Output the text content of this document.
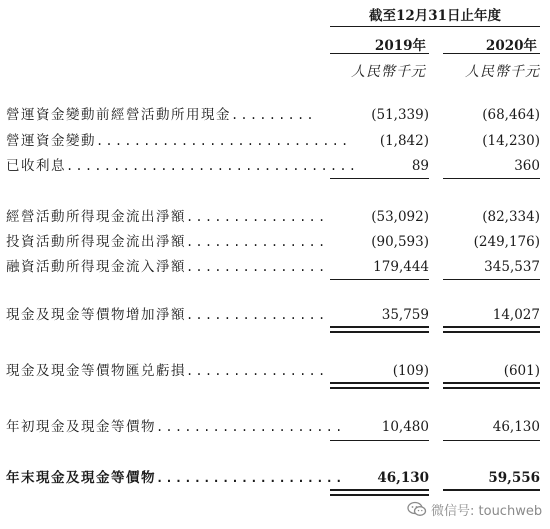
截至12月31日止年度
2019年	2020年
人民幣千元	人民幣千元
營運資金變動前經營活動所用現金.........	(51,339)	(68,464)
營運資金變動...........................	(1,842)	(14,230)
已收利息...............................	89	360
經營活動所得現金流出淨額...............	(53,092)	(82,334)
投資活動所得現金流出淨額...............	(90,593)	(249,176)
融資活動所得現金流入淨額...............	179,444	345,537
現金及現金等價物增加淨額...............	35,759	14,027
現金及現金等價物匯兑虧損...............	(109)	(601)
年初現金及現金等價物....................	10,480	46,130
年末現金及現金等價物....................	46,130	59,556
微信号: touchweb
